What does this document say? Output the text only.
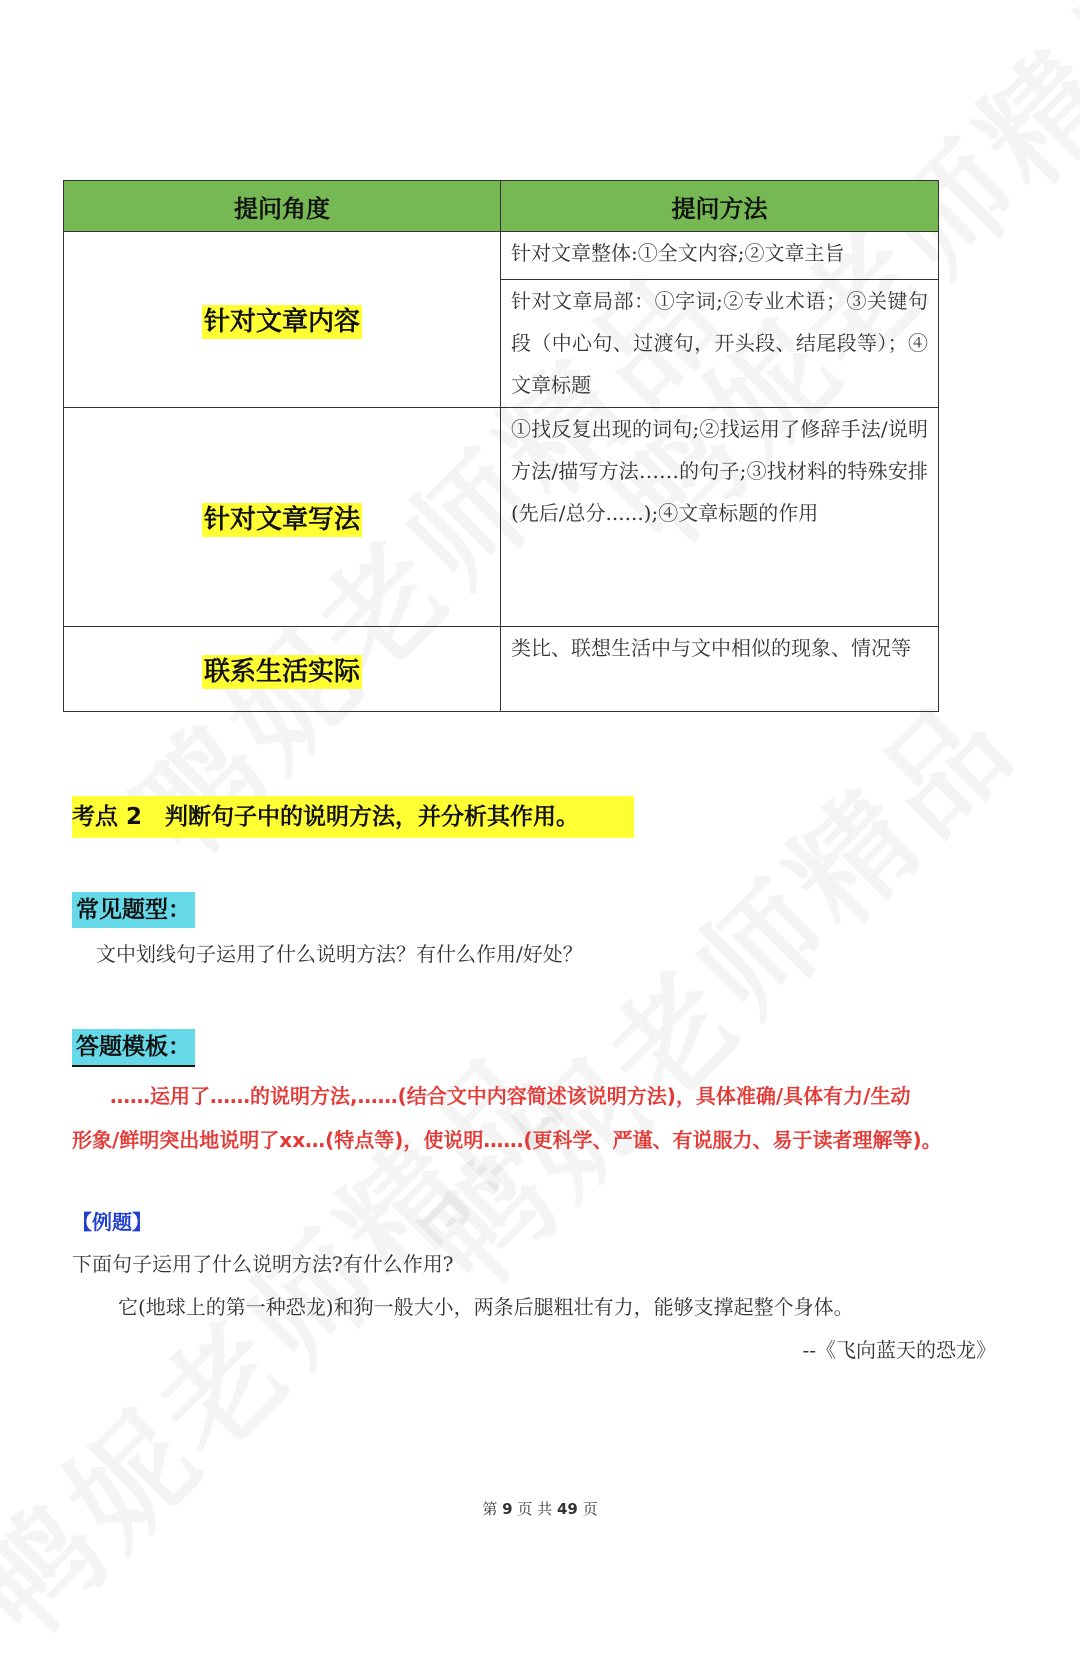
提问角度	提问方法
针对文章内容	针对文章整体:①全文内容;②文章主旨
	针对文章局部：①字词;②专业术语；③关键句段（中心句、过渡句，开头段、结尾段等）；④文章标题
针对文章写法	①找反复出现的词句;②找运用了修辞手法/说明方法/描写方法……的句子;③找材料的特殊安排(先后/总分......);④文章标题的作用
联系生活实际	类比、联想生活中与文中相似的现象、情况等
考点 2　判断句子中的说明方法，并分析其作用。
常见题型：
文中划线句子运用了什么说明方法？有什么作用/好处？
答题模板：
……运用了……的说明方法,……(结合文中内容简述该说明方法)，具体准确/具体有力/生动
形象/鲜明突出地说明了xx…(特点等)，使说明……(更科学、严谨、有说服力、易于读者理解等)。
【例题】
下面句子运用了什么说明方法?有什么作用?
它(地球上的第一种恐龙)和狗一般大小，两条后腿粗壮有力，能够支撑起整个身体。
--《飞向蓝天的恐龙》
第 9 页 共 49 页
